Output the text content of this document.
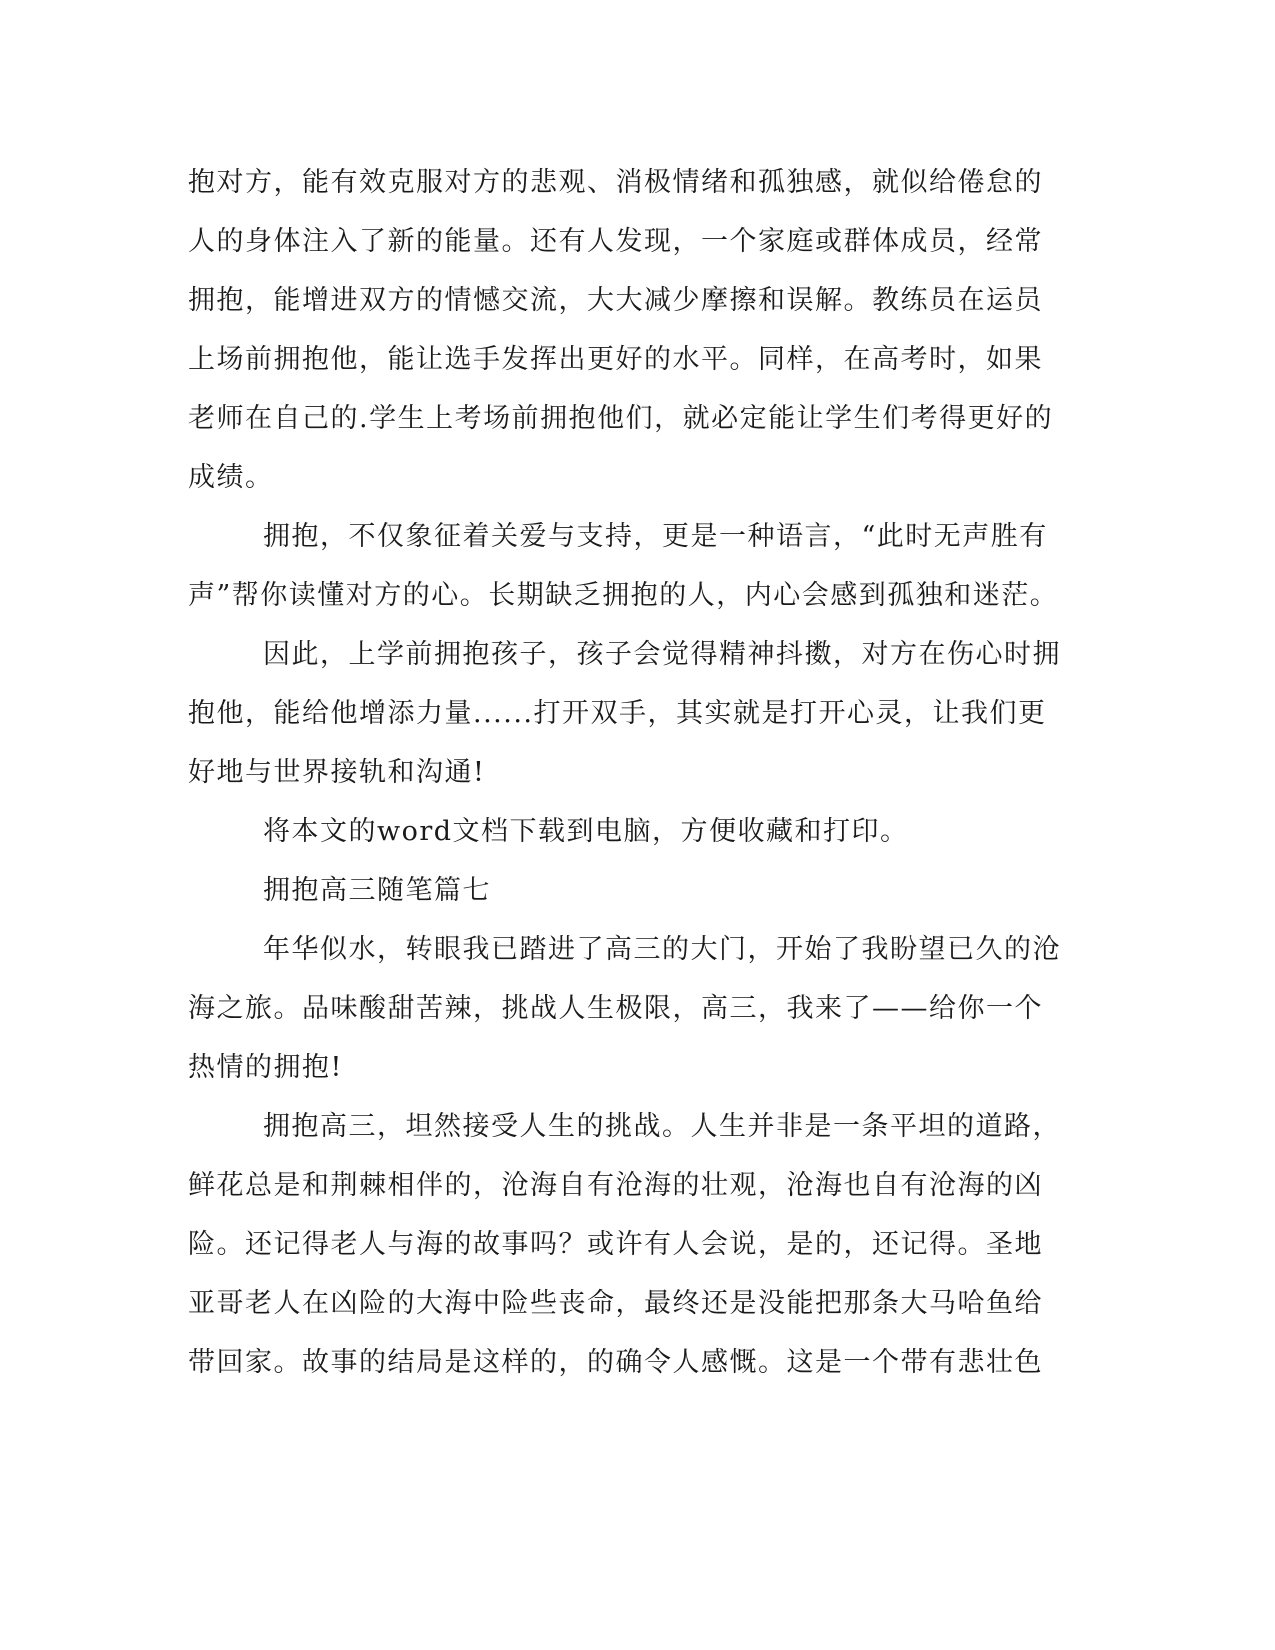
抱对方，能有效克服对方的悲观、消极情绪和孤独感，就似给倦怠的
人的身体注入了新的能量。还有人发现，一个家庭或群体成员，经常
拥抱，能增进双方的情憾交流，大大减少摩擦和误解。教练员在运员
上场前拥抱他，能让选手发挥出更好的水平。同样，在高考时，如果
老师在自己的.学生上考场前拥抱他们，就必定能让学生们考得更好的
成绩。
拥抱，不仅象征着关爱与支持，更是一种语言，“此时无声胜有
声”帮你读懂对方的心。长期缺乏拥抱的人，内心会感到孤独和迷茫。
因此，上学前拥抱孩子，孩子会觉得精神抖擞，对方在伤心时拥
抱他，能给他增添力量......打开双手，其实就是打开心灵，让我们更
好地与世界接轨和沟通!
将本文的word文档下载到电脑，方便收藏和打印。
拥抱高三随笔篇七
年华似水，转眼我已踏进了高三的大门，开始了我盼望已久的沧
海之旅。品味酸甜苦辣，挑战人生极限，高三，我来了——给你一个
热情的拥抱!
拥抱高三，坦然接受人生的挑战。人生并非是一条平坦的道路，
鲜花总是和荆棘相伴的，沧海自有沧海的壮观，沧海也自有沧海的凶
险。还记得老人与海的故事吗？或许有人会说，是的，还记得。圣地
亚哥老人在凶险的大海中险些丧命，最终还是没能把那条大马哈鱼给
带回家。故事的结局是这样的，的确令人感慨。这是一个带有悲壮色
